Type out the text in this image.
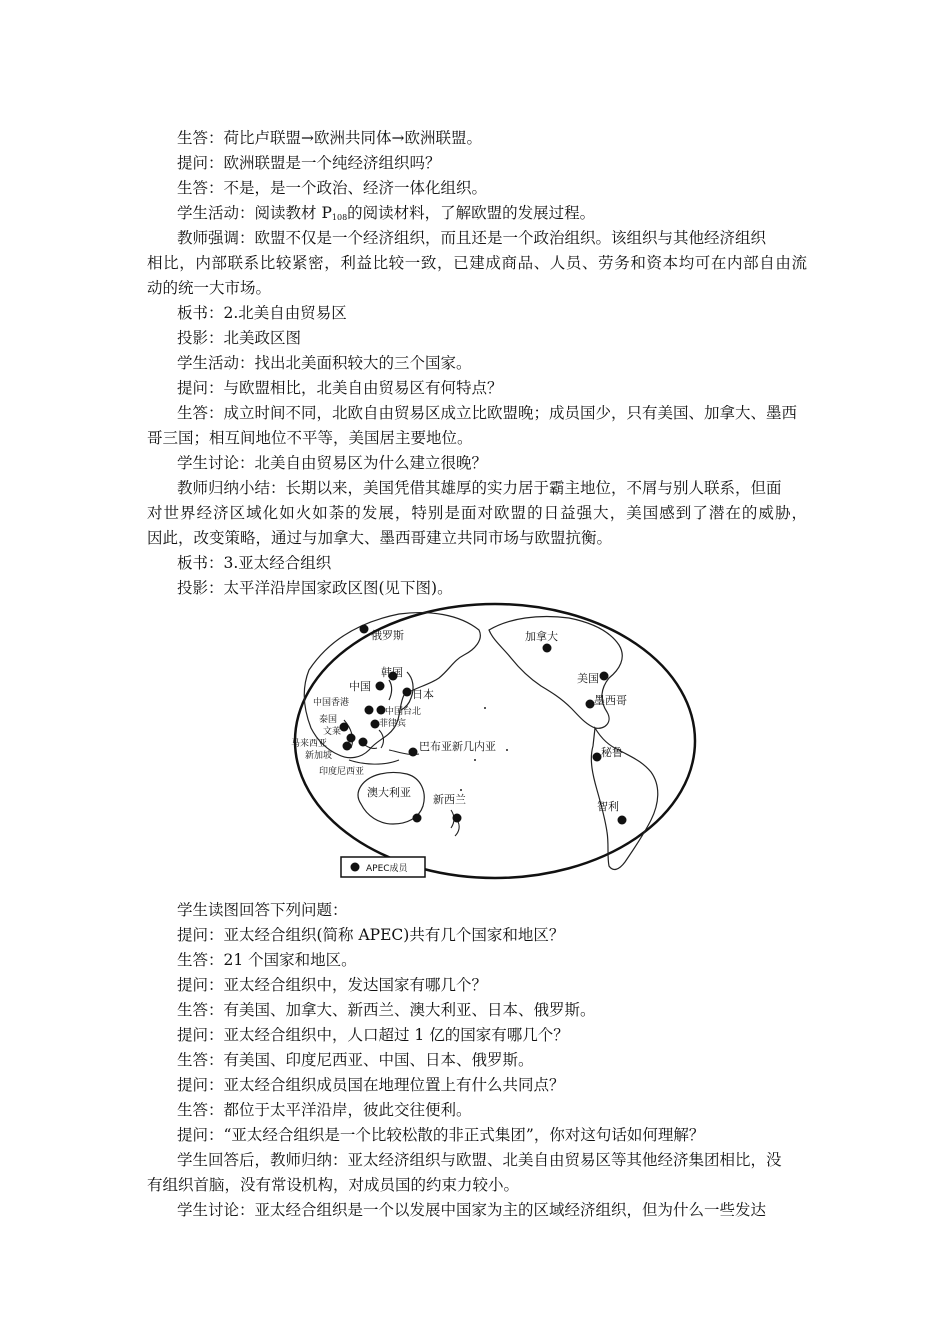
生答：荷比卢联盟→欧洲共同体→欧洲联盟。
提问：欧洲联盟是一个纯经济组织吗？
生答：不是，是一个政治、经济一体化组织。
学生活动：阅读教材 $P_{108}$的阅读材料，了解欧盟的发展过程。
教师强调：欧盟不仅是一个经济组织，而且还是一个政治组织。该组织与其他经济组织
相比，内部联系比较紧密，利益比较一致，已建成商品、人员、劳务和资本均可在内部自由流
动的统一大市场。
板书：2.北美自由贸易区
投影：北美政区图
学生活动：找出北美面积较大的三个国家。
提问：与欧盟相比，北美自由贸易区有何特点？
生答：成立时间不同，北欧自由贸易区成立比欧盟晚；成员国少，只有美国、加拿大、墨西
哥三国；相互间地位不平等，美国居主要地位。
学生讨论：北美自由贸易区为什么建立很晚？
教师归纳小结：长期以来，美国凭借其雄厚的实力居于霸主地位，不屑与别人联系，但面
对世界经济区域化如火如荼的发展，特别是面对欧盟的日益强大，美国感到了潜在的威胁，
因此，改变策略，通过与加拿大、墨西哥建立共同市场与欧盟抗衡。
板书：3.亚太经合组织
投影：太平洋沿岸国家政区图(见下图)。
俄罗斯	加拿大
韩国
中国
日本
美国
中国香港
中国台北
墨西哥
泰国	菲律宾
文莱
马来西亚
新加坡
巴布亚新几内亚
印度尼西亚
秘鲁
澳大利亚
新西兰
智利
APEC成员
学生读图回答下列问题：
提问：亚太经合组织(简称 APEC)共有几个国家和地区？
生答：21 个国家和地区。
提问：亚太经合组织中，发达国家有哪几个？
生答：有美国、加拿大、新西兰、澳大利亚、日本、俄罗斯。
提问：亚太经合组织中，人口超过 1 亿的国家有哪几个？
生答：有美国、印度尼西亚、中国、日本、俄罗斯。
提问：亚太经合组织成员国在地理位置上有什么共同点？
生答：都位于太平洋沿岸，彼此交往便利。
提问：“亚太经合组织是一个比较松散的非正式集团”，你对这句话如何理解？
学生回答后，教师归纳：亚太经济组织与欧盟、北美自由贸易区等其他经济集团相比，没
有组织首脑，没有常设机构，对成员国的约束力较小。
学生讨论：亚太经合组织是一个以发展中国家为主的区域经济组织，但为什么一些发达
